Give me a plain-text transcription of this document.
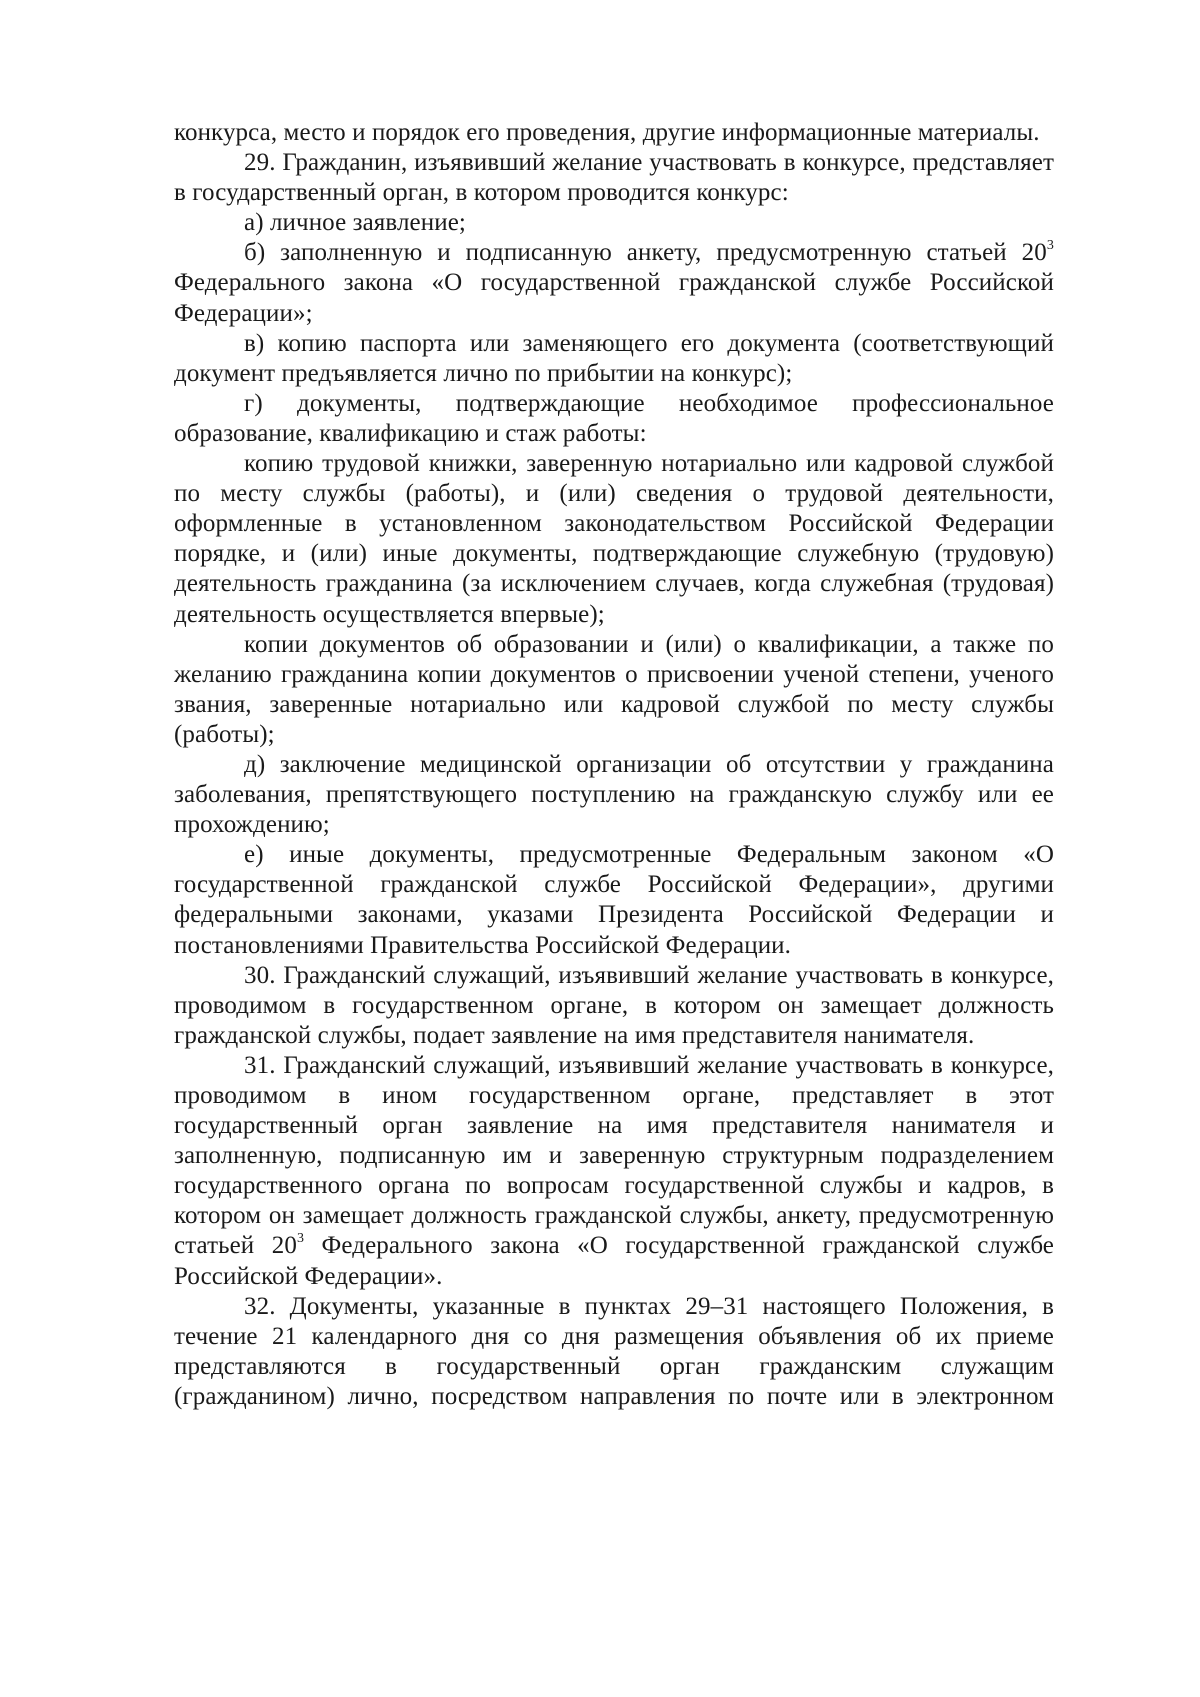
конкурса, место и порядок его проведения, другие информационные материалы.

29. Гражданин, изъявивший желание участвовать в конкурсе, представляет в государственный орган, в котором проводится конкурс:

а) личное заявление;

б) заполненную и подписанную анкету, предусмотренную статьей $20^3$ Федерального закона «О государственной гражданской службе Российской Федерации»;

в) копию паспорта или заменяющего его документа (соответствующий документ предъявляется лично по прибытии на конкурс);

г) документы, подтверждающие необходимое профессиональное образование, квалификацию и стаж работы:

копию трудовой книжки, заверенную нотариально или кадровой службой по месту службы (работы), и (или) сведения о трудовой деятельности, оформленные в установленном законодательством Российской Федерации порядке, и (или) иные документы, подтверждающие служебную (трудовую) деятельность гражданина (за исключением случаев, когда служебная (трудовая) деятельность осуществляется впервые);

копии документов об образовании и (или) о квалификации, а также по желанию гражданина копии документов о присвоении ученой степени, ученого звания, заверенные нотариально или кадровой службой по месту службы (работы);

д) заключение медицинской организации об отсутствии у гражданина заболевания, препятствующего поступлению на гражданскую службу или ее прохождению;

е) иные документы, предусмотренные Федеральным законом «О государственной гражданской службе Российской Федерации», другими федеральными законами, указами Президента Российской Федерации и постановлениями Правительства Российской Федерации.

30. Гражданский служащий, изъявивший желание участвовать в конкурсе, проводимом в государственном органе, в котором он замещает должность гражданской службы, подает заявление на имя представителя нанимателя.

31. Гражданский служащий, изъявивший желание участвовать в конкурсе, проводимом в ином государственном органе, представляет в этот государственный орган заявление на имя представителя нанимателя и заполненную, подписанную им и заверенную структурным подразделением государственного органа по вопросам государственной службы и кадров, в котором он замещает должность гражданской службы, анкету, предусмотренную статьей $20^3$ Федерального закона «О государственной гражданской службе Российской Федерации».

32. Документы, указанные в пунктах 29–31 настоящего Положения, в течение 21 календарного дня со дня размещения объявления об их приеме представляются в государственный орган гражданским служащим (гражданином) лично, посредством направления по почте или в электронном
